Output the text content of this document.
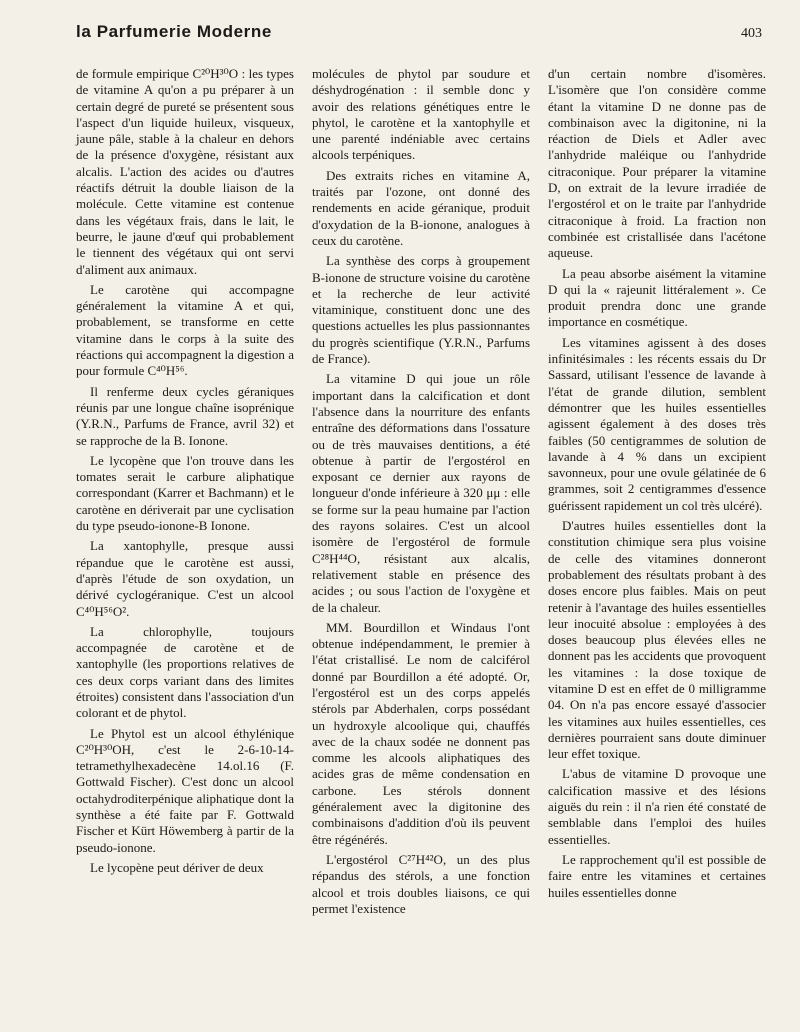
la Parfumerie Moderne	403

de formule empirique C²⁰H³⁰O : les types de vitamine A qu'on a pu préparer à un certain degré de pureté se présentent sous l'aspect d'un liquide huileux, visqueux, jaune pâle, stable à la chaleur en dehors de la présence d'oxygène, résistant aux alcalis. L'action des acides ou d'autres réactifs détruit la double liaison de la molécule. Cette vitamine est contenue dans les végétaux frais, dans le lait, le beurre, le jaune d'œuf qui probablement le tiennent des végétaux qui ont servi d'aliment aux animaux.

Le carotène qui accompagne généralement la vitamine A et qui, probablement, se transforme en cette vitamine dans le corps à la suite des réactions qui accompagnent la digestion a pour formule C⁴⁰H⁵⁶.

Il renferme deux cycles géraniques réunis par une longue chaîne isoprénique (Y.R.N., Parfums de France, avril 32) et se rapproche de la B. Ionone.

Le lycopène que l'on trouve dans les tomates serait le carbure aliphatique correspondant (Karrer et Bachmann) et le carotène en dériverait par une cyclisation du type pseudo-ionone-B Ionone.

La xantophylle, presque aussi répandue que le carotène est aussi, d'après l'étude de son oxydation, un dérivé cyclogéranique. C'est un alcool C⁴⁰H⁵⁶O².

La chlorophylle, toujours accompagnée de carotène et de xantophylle (les proportions relatives de ces deux corps variant dans des limites étroites) consistent dans l'association d'un colorant et de phytol.

Le Phytol est un alcool éthylénique C²⁰H³⁰OH, c'est le 2-6-10-14-tetramethylhexadecène 14.ol.16 (F. Gottwald Fischer). C'est donc un alcool octahydroditerpénique aliphatique dont la synthèse a été faite par F. Gottwald Fischer et Kürt Höwemberg à partir de la pseudo-ionone.

Le lycopène peut dériver de deux

molécules de phytol par soudure et déshydrogénation : il semble donc y avoir des relations génétiques entre le phytol, le carotène et la xantophylle et une parenté indéniable avec certains alcools terpéniques.

Des extraits riches en vitamine A, traités par l'ozone, ont donné des rendements en acide géranique, produit d'oxydation de la B-ionone, analogues à ceux du carotène.

La synthèse des corps à groupement B-ionone de structure voisine du carotène et la recherche de leur activité vitaminique, constituent donc une des questions actuelles les plus passionnantes du progrès scientifique (Y.R.N., Parfums de France).

La vitamine D qui joue un rôle important dans la calcification et dont l'absence dans la nourriture des enfants entraîne des déformations dans l'ossature ou de très mauvaises dentitions, a été obtenue à partir de l'ergostérol en exposant ce dernier aux rayons de longueur d'onde inférieure à 320 μμ : elle se forme sur la peau humaine par l'action des rayons solaires. C'est un alcool isomère de l'ergostérol de formule C²⁸H⁴⁴O, résistant aux alcalis, relativement stable en présence des acides ; ou sous l'action de l'oxygène et de la chaleur.

MM. Bourdillon et Windaus l'ont obtenue indépendamment, le premier à l'état cristallisé. Le nom de calciférol donné par Bourdillon a été adopté. Or, l'ergostérol est un des corps appelés stérols par Abderhalen, corps possédant un hydroxyle alcoolique qui, chauffés avec de la chaux sodée ne donnent pas comme les alcools aliphatiques des acides gras de même condensation en carbone. Les stérols donnent généralement avec la digitonine des combinaisons d'addition d'où ils peuvent être régénérés.

L'ergostérol C²⁷H⁴²O, un des plus répandus des stérols, a une fonction alcool et trois doubles liaisons, ce qui permet l'existence

d'un certain nombre d'isomères. L'isomère que l'on considère comme étant la vitamine D ne donne pas de combinaison avec la digitonine, ni la réaction de Diels et Adler avec l'anhydride maléique ou l'anhydride citraconique. Pour préparer la vitamine D, on extrait de la levure irradiée de l'ergostérol et on le traite par l'anhydride citraconique à froid. La fraction non combinée est cristallisée dans l'acétone aqueuse.

La peau absorbe aisément la vitamine D qui la « rajeunit littéralement ». Ce produit prendra donc une grande importance en cosmétique.

Les vitamines agissent à des doses infinitésimales : les récents essais du Dr Sassard, utilisant l'essence de lavande à l'état de grande dilution, semblent démontrer que les huiles essentielles agissent également à des doses très faibles (50 centigrammes de solution de lavande à 4 % dans un excipient savonneux, pour une ovule gélatinée de 6 grammes, soit 2 centigrammes d'essence guérissent rapidement un col très ulcéré).

D'autres huiles essentielles dont la constitution chimique sera plus voisine de celle des vitamines donneront probablement des résultats probant à des doses encore plus faibles. Mais on peut retenir à l'avantage des huiles essentielles leur inocuité absolue : employées à des doses beaucoup plus élevées elles ne donnent pas les accidents que provoquent les vitamines : la dose toxique de vitamine D est en effet de 0 milligramme 04. On n'a pas encore essayé d'associer les vitamines aux huiles essentielles, ces dernières pourraient sans doute diminuer leur effet toxique.

L'abus de vitamine D provoque une calcification massive et des lésions aiguës du rein : il n'a rien été constaté de semblable dans l'emploi des huiles essentielles.

Le rapprochement qu'il est possible de faire entre les vitamines et certaines huiles essentielles donne
